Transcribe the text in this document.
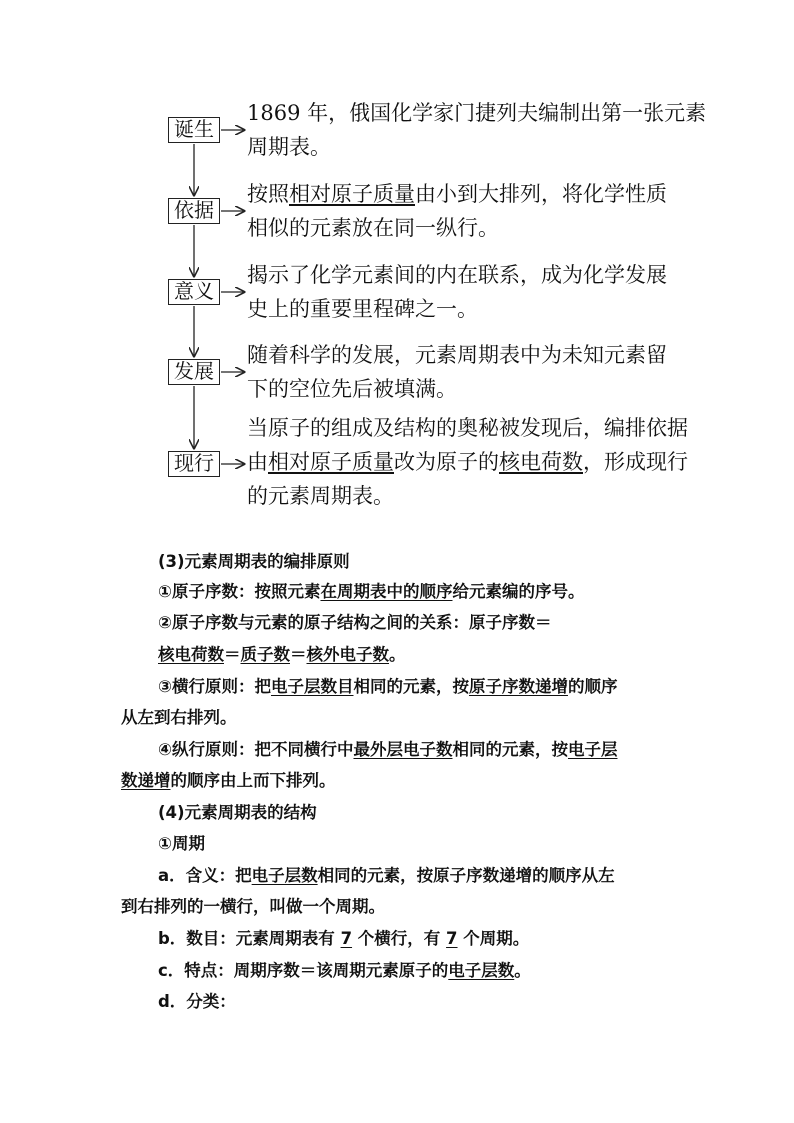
诞生
依据
意义
发展
现行
1869 年，俄国化学家门捷列夫编制出第一张元素
周期表。
按照相对原子质量由小到大排列，将化学性质
相似的元素放在同一纵行。
揭示了化学元素间的内在联系，成为化学发展
史上的重要里程碑之一。
随着科学的发展，元素周期表中为未知元素留
下的空位先后被填满。
当原子的组成及结构的奥秘被发现后，编排依据
由相对原子质量改为原子的核电荷数，形成现行
的元素周期表。
(3)元素周期表的编排原则
①原子序数：按照元素在周期表中的顺序给元素编的序号。
②原子序数与元素的原子结构之间的关系：原子序数＝
核电荷数＝质子数＝核外电子数。
③横行原则：把电子层数目相同的元素，按原子序数递增的顺序
从左到右排列。
④纵行原则：把不同横行中最外层电子数相同的元素，按电子层
数递增的顺序由上而下排列。
(4)元素周期表的结构
①周期
a．含义：把电子层数相同的元素，按原子序数递增的顺序从左
到右排列的一横行，叫做一个周期。
b．数目：元素周期表有 7 个横行，有 7 个周期。
c．特点：周期序数＝该周期元素原子的电子层数。
d．分类：
